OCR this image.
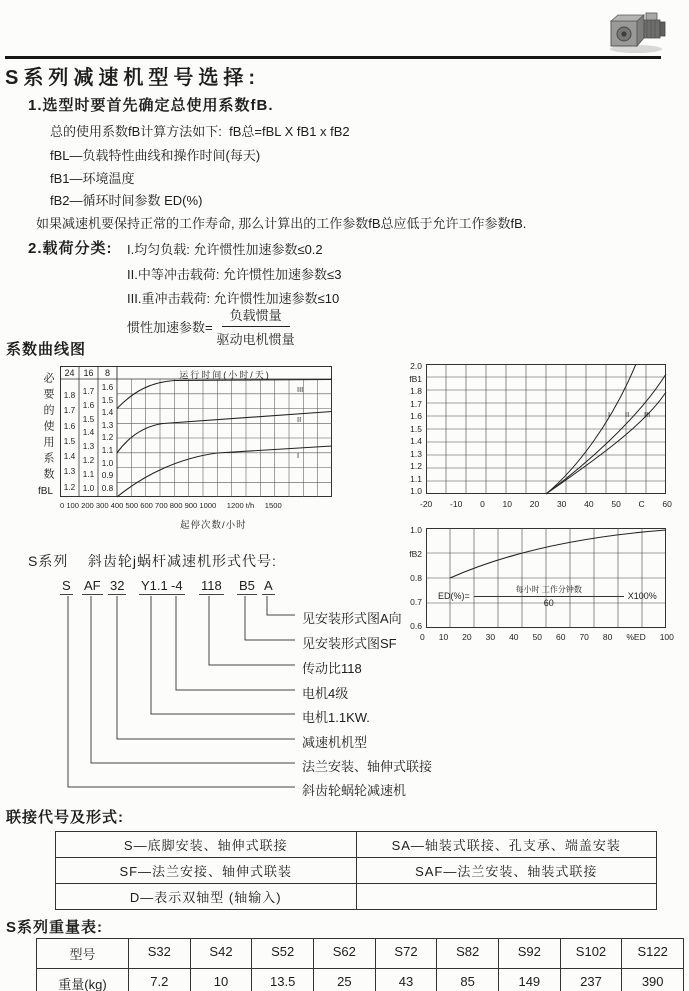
S系列减速机型号选择:
1.选型时要首先确定总使用系数fB.
总的使用系数fB计算方法如下:  fB总=fBL X fB1 x fB2
fBL—负载特性曲线和操作时间(每天)
fB1—环境温度
fB2—循环时间参数 ED(%)
如果减速机要保持正常的工作寿命, 那么计算出的工作参数fB总应低于允许工作参数fB.
2.载荷分类: I.均匀负载: 允许惯性加速参数≤0.2
II.中等冲击载荷: 允许惯性加速参数≤3
III.重冲击载荷: 允许惯性加速参数≤10
惯性加速参数= $\frac{\text{负载惯量}}{\text{驱动电机惯量}}$
系数曲线图
必要的使用系数
fBL
24 16	8	运行时间(小时/天)
1.8
1.7
1.6
1.5
1.4
1.3
1.2
1.7
1.6
1.5
1.4
1.3
1.2
1.1
1.0
1.6
1.5
1.4
1.3
1.2
1.1
1.0
0.9
0.8
III
II
I
0 100 200 300 400 500 600 700 800 900 1000     1200 t/h     1500
起停次数/小时
2.0
fB1
1.8
1.7
1.6
1.5
1.4
1.3
1.2
1.1
1.0
I II III
-20 -10 0 10 20 30 40 50 C 60
1.0
fB2
0.8
0.7
0.6
ED(%)=
每小时 工作分钟数
60
X100%
0 10 20 30 40 50 60 70 80 %ED 100
S系列    斜齿轮j蜗杆减速机形式代号:
S AF 32 Y1.1 -4 118 B5 A
见安装形式图A向
见安装形式图SF
传动比118
电机4级
电机1.1KW.
减速机机型
法兰安装、轴伸式联接
斜齿轮蜗轮减速机
联接代号及形式:
S—底脚安装、轴伸式联接	SA—轴装式联接、孔支承、端盖安装
SF—法兰安接、轴伸式联装	SAF—法兰安装、轴装式联接
D—表示双轴型 (轴输入)
S系列重量表:
型号	S32	S42	S52	S62	S72	S82	S92	S102	S122
重量(kg)	7.2	10	13.5	25	43	85	149	237	390
